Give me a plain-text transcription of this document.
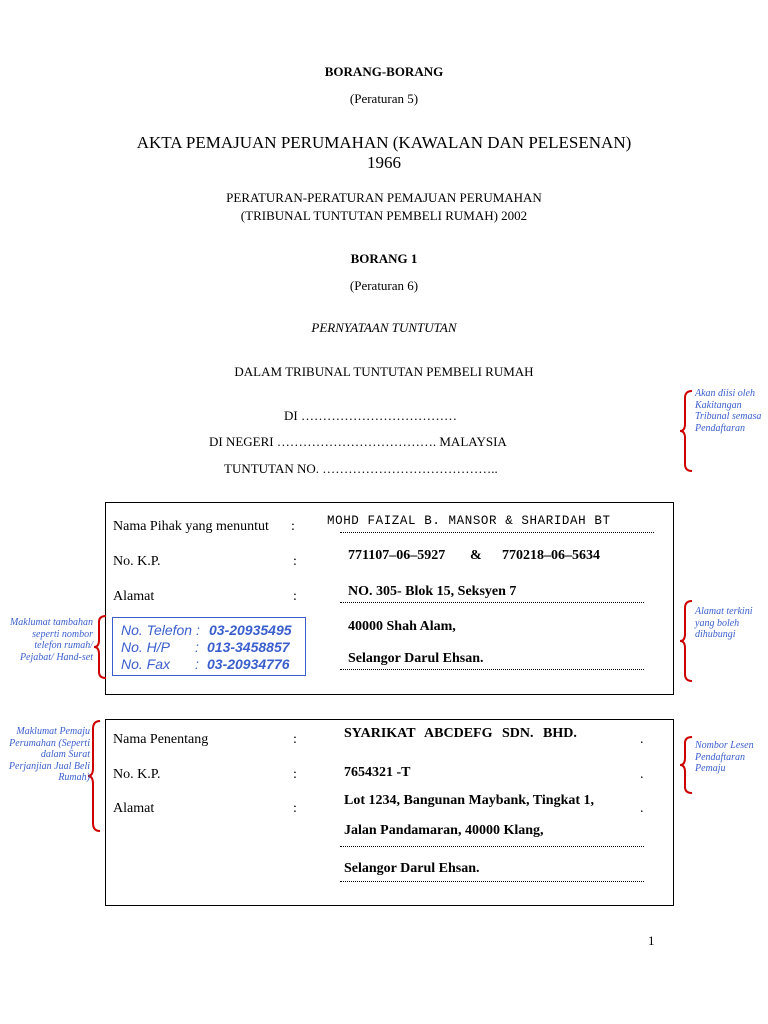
BORANG-BORANG
(Peraturan 5)
AKTA PEMAJUAN PERUMAHAN (KAWALAN DAN PELESENAN)
1966
PERATURAN-PERATURAN PEMAJUAN PERUMAHAN
(TRIBUNAL TUNTUTAN PEMBELI RUMAH) 2002
BORANG 1
(Peraturan 6)
PERNYATAAN TUNTUTAN
DALAM TRIBUNAL TUNTUTAN PEMBELI RUMAH
DI ………………………………
DI NEGERI ………………………………. MALAYSIA
TUNTUTAN NO. …………………………………..
Akan diisi oleh Kakitangan Tribunal semasa Pendaftaran
Nama Pihak yang menuntut :	MOHD FAIZAL B. MANSOR & SHARIDAH BT
No. K.P.	:	771107–06–5927 & 770218–06–5634
Alamat	:	NO. 305- Blok 15, Seksyen 7
40000 Shah Alam,
Selangor Darul Ehsan.
No. Telefon : 03-20935495
No. H/P : 013-3458857
No. Fax : 03-20934776
Maklumat tambahan seperti nombor telefon rumah/ Pejabat/ Hand-set
Alamat terkini yang boleh dihubungi
Nama Penentang	:	SYARIKAT ABCDEFG SDN. BHD.	.
No. K.P.	:	7654321 -T	.
Alamat	:
Lot 1234, Bangunan Maybank, Tingkat 1,
.
Jalan Pandamaran, 40000 Klang,
Selangor Darul Ehsan.
Maklumat Pemaju Perumahan (Seperti dalam Surat Perjanjian Jual Beli Rumah)
Nombor Lesen Pendaftaran Pemaju
1
